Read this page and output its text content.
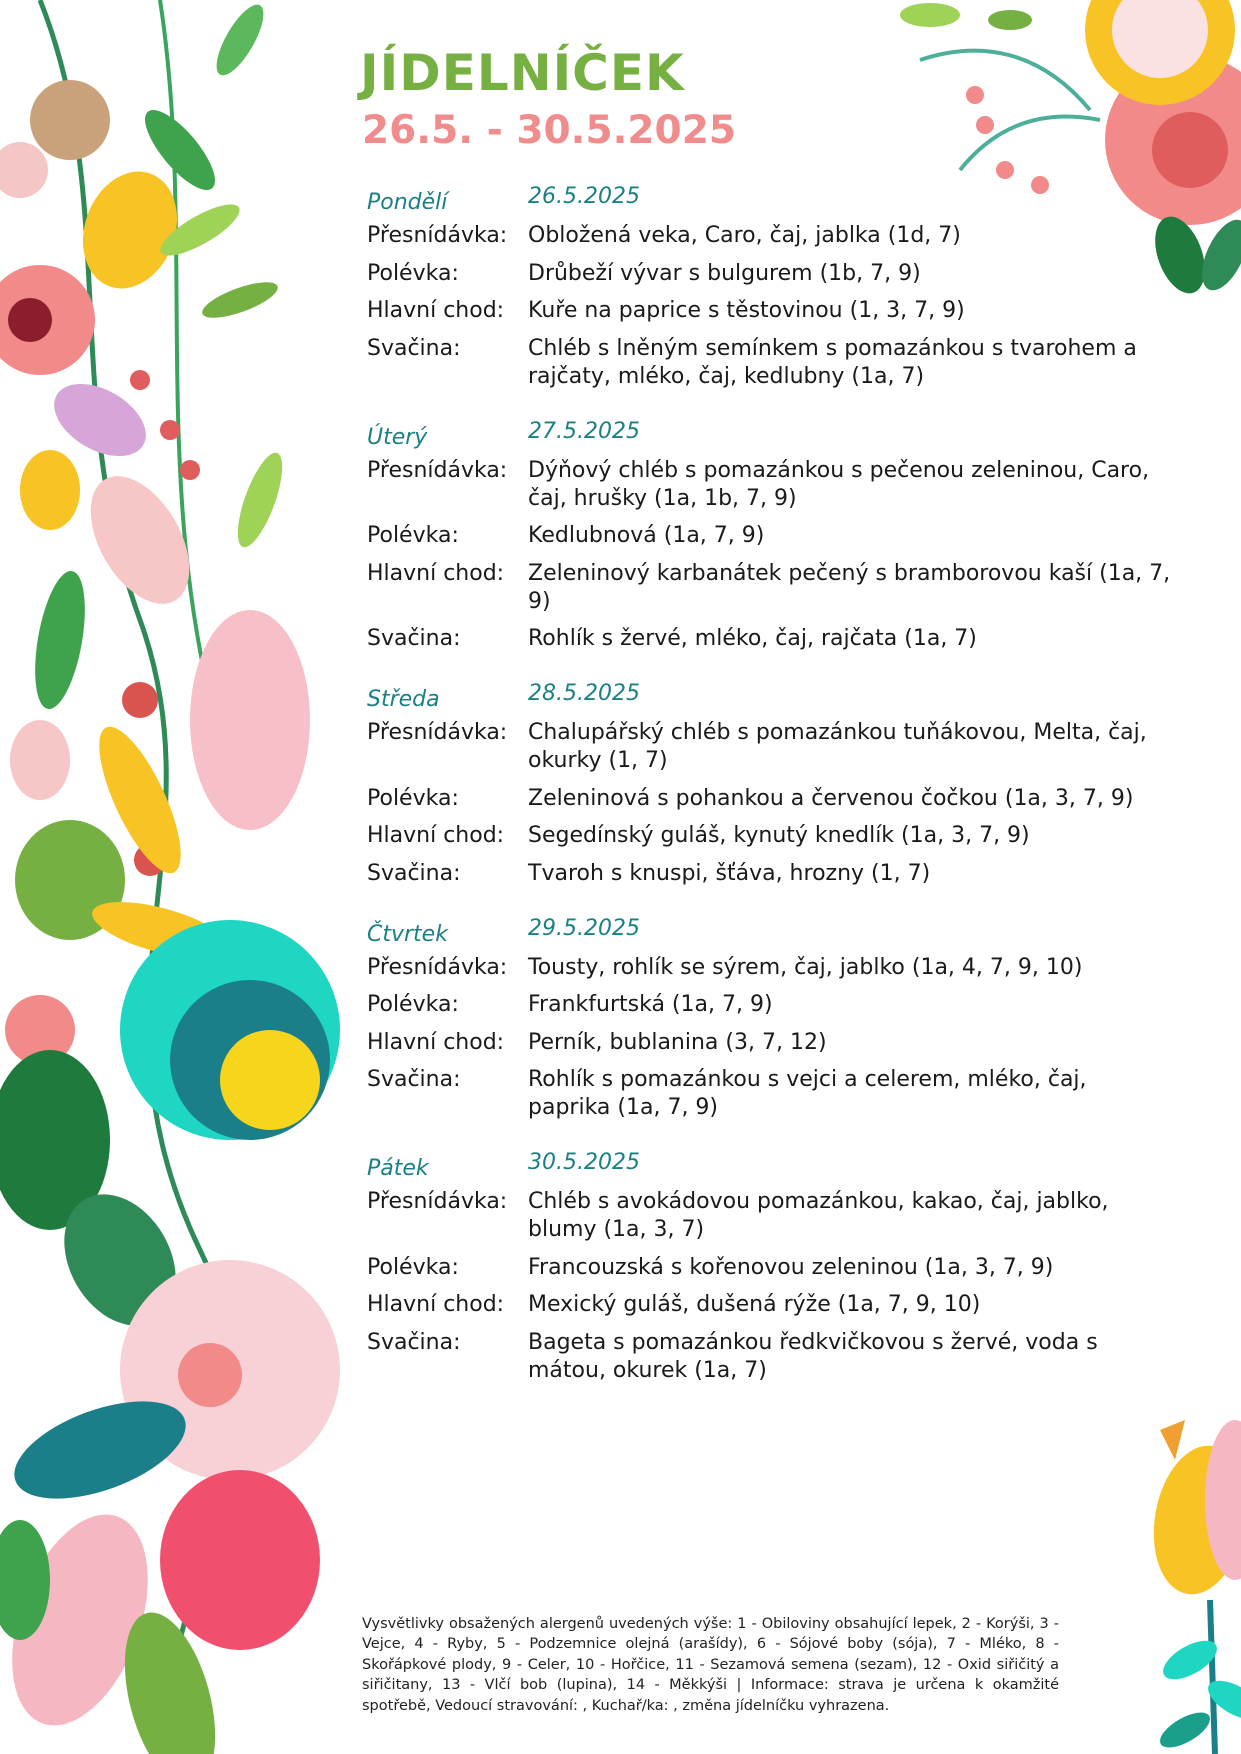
JÍDELNÍČEK
26.5. - 30.5.2025
Pondělí	26.5.2025
Přesnídávka: Obložená veka, Caro, čaj, jablka (1d, 7)
Polévka:	Drůbeží vývar s bulgurem (1b, 7, 9)
Hlavní chod:	Kuře na paprice s těstovinou (1, 3, 7, 9)
Svačina:	Chléb s lněným semínkem s pomazánkou s tvarohem a rajčaty, mléko, čaj, kedlubny (1a, 7)
Úterý	27.5.2025
Přesnídávka: Dýňový chléb s pomazánkou s pečenou zeleninou, Caro, čaj, hrušky (1a, 1b, 7, 9)
Polévka:	Kedlubnová (1a, 7, 9)
Hlavní chod:	Zeleninový karbanátek pečený s bramborovou kaší (1a, 7, 9)
Svačina:	Rohlík s žervé, mléko, čaj, rajčata (1a, 7)
Středa	28.5.2025
Přesnídávka: Chalupářský chléb s pomazánkou tuňákovou, Melta, čaj, okurky (1, 7)
Polévka:	Zeleninová s pohankou a červenou čočkou (1a, 3, 7, 9)
Hlavní chod:	Segedínský guláš, kynutý knedlík (1a, 3, 7, 9)
Svačina:	Tvaroh s knuspi, šťáva, hrozny (1, 7)
Čtvrtek	29.5.2025
Přesnídávka: Tousty, rohlík se sýrem, čaj, jablko (1a, 4, 7, 9, 10)
Polévka:	Frankfurtská (1a, 7, 9)
Hlavní chod:	Perník, bublanina (3, 7, 12)
Svačina:	Rohlík s pomazánkou s vejci a celerem, mléko, čaj, paprika (1a, 7, 9)
Pátek	30.5.2025
Přesnídávka: Chléb s avokádovou pomazánkou, kakao, čaj, jablko, blumy (1a, 3, 7)
Polévka:	Francouzská s kořenovou zeleninou (1a, 3, 7, 9)
Hlavní chod:	Mexický guláš, dušená rýže (1a, 7, 9, 10)
Svačina:	Bageta s pomazánkou ředkvičkovou s žervé, voda s mátou, okurek (1a, 7)

Vysvětlivky obsažených alergenů uvedených výše: 1 - Obiloviny obsahující lepek, 2 - Korýši, 3 - Vejce, 4 - Ryby, 5 - Podzemnice olejná (arašídy), 6 - Sójové boby (sója), 7 - Mléko, 8 - Skořápkové plody, 9 - Celer, 10 - Hořčice, 11 - Sezamová semena (sezam), 12 - Oxid siřičitý a siřičitany, 13 - Vlčí bob (lupina), 14 - Měkkýši | Informace: strava je určena k okamžité spotřebě, Vedoucí stravování: , Kuchař/ka: , změna jídelníčku vyhrazena.
